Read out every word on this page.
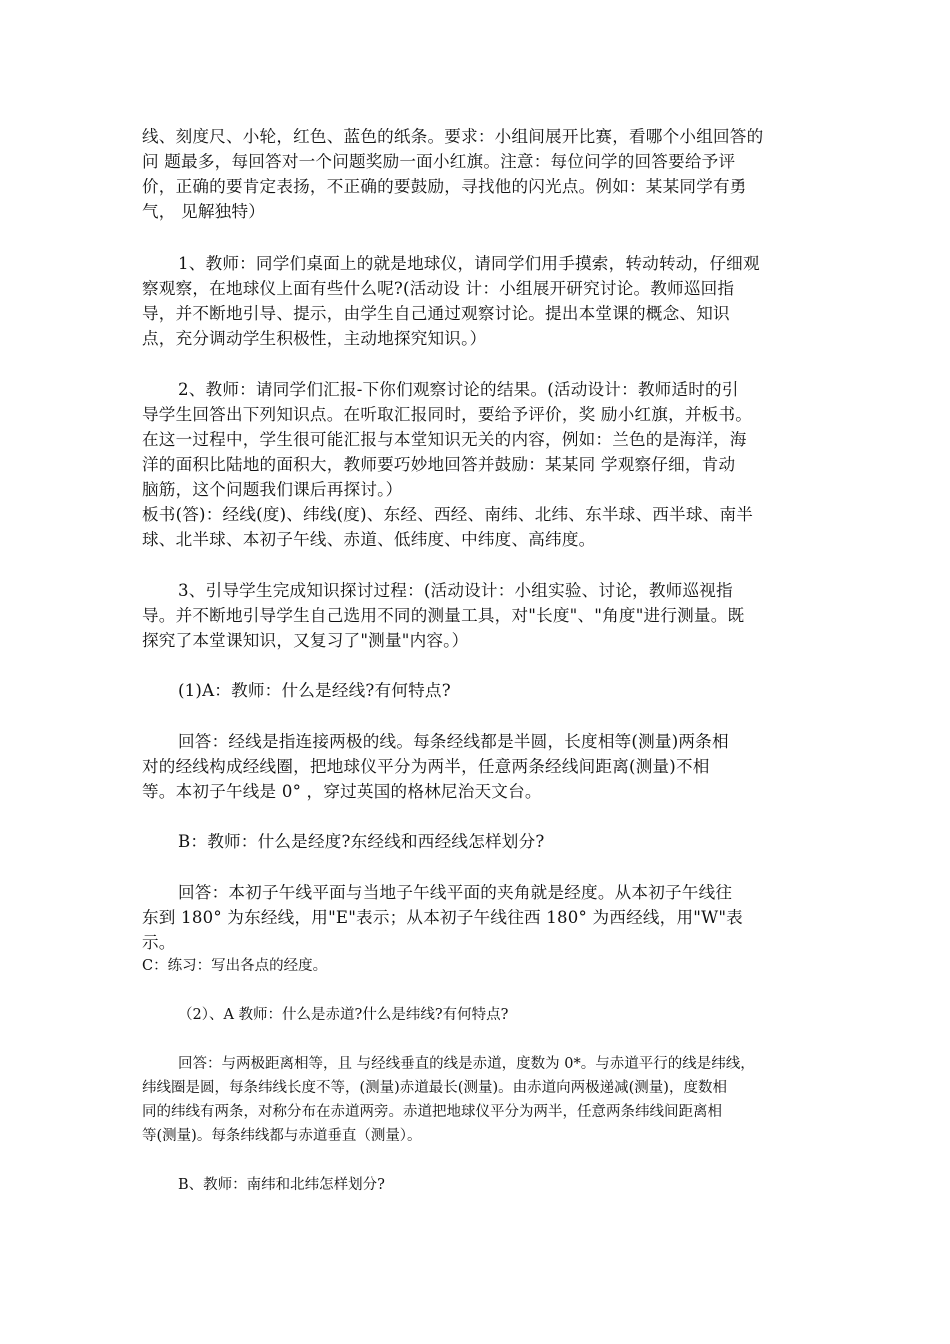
线、刻度尺、小轮，红色、蓝色的纸条。要求：小组间展开比赛，看哪个小组回答的

问 题最多，每回答对一个问题奖励一面小红旗。注意：每位问学的回答要给予评

价，正确的要肯定表扬，不正确的要鼓励，寻找他的闪光点。例如：某某同学有勇

气， 见解独特）

1、教师：同学们桌面上的就是地球仪，请同学们用手摸索，转动转动，仔细观

察观察，在地球仪上面有些什么呢?(活动设 计：小组展开研究讨论。教师巡回指

导，并不断地引导、提示，由学生自己通过观察讨论。提出本堂课的概念、知识

点，充分调动学生积极性，主动地探究知识。）

2、教师：请同学们汇报-下你们观察讨论的结果。(活动设计：教师适时的引

导学生回答出下列知识点。在听取汇报同时，要给予评价，奖 励小红旗，并板书。

在这一过程中，学生很可能汇报与本堂知识无关的内容，例如：兰色的是海洋，海

洋的面积比陆地的面积大，教师要巧妙地回答并鼓励：某某同 学观察仔细，肯动

脑筋，这个问题我们课后再探讨。）

板书(答)：经线(度)、纬线(度)、东经、西经、南纬、北纬、东半球、西半球、南半

球、北半球、本初子午线、赤道、低纬度、中纬度、高纬度。

3、引导学生完成知识探讨过程：(活动设计：小组实验、讨论，教师巡视指

导。并不断地引导学生自己选用不同的测量工具，对"长度"、"角度"进行测量。既

探究了本堂课知识，又复习了"测量"内容。）

(1)A：教师：什么是经线?有何特点?

回答：经线是指连接两极的线。每条经线都是半圆，长度相等(测量)两条相

对的经线构成经线圈，把地球仪平分为两半，任意两条经线间距离(测量)不相

等。本初子午线是 0° ，穿过英国的格林尼治天文台。

B：教师：什么是经度?东经线和西经线怎样划分?

回答：本初子午线平面与当地子午线平面的夹角就是经度。从本初子午线往

东到 180° 为东经线，用"E"表示；从本初子午线往西 180° 为西经线，用"W"表

示。

C：练习：写出各点的经度。

（2）、A 教师：什么是赤道?什么是纬线?有何特点?

回答：与两极距离相等，且 与经线垂直的线是赤道，度数为 0*。与赤道平行的线是纬线，

纬线圈是圆，每条纬线长度不等，(测量)赤道最长(测量)。由赤道向两极递减(测量)，度数相

同的纬线有两条，对称分布在赤道两旁。赤道把地球仪平分为两半，任意两条纬线间距离相

等(测量)。每条纬线都与赤道垂直（测量）。

B、教师：南纬和北纬怎样划分?
